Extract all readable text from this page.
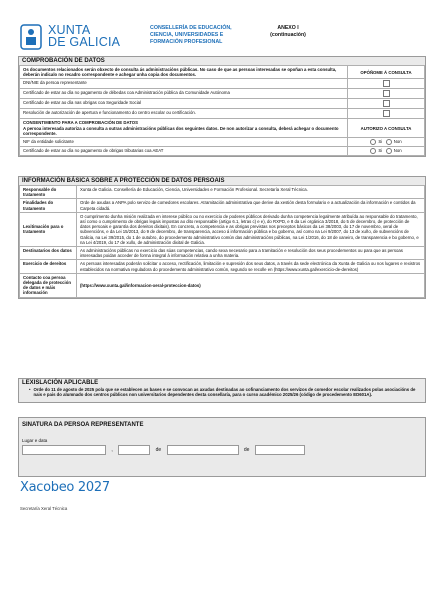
XUNTA
DE GALICIA
CONSELLERÍA DE EDUCACIÓN,
CIENCIA, UNIVERSIDADES E
FORMACIÓN PROFESIONAL
ANEXO I
(continuación)
COMPROBACIÓN DE DATOS
Os documentos relacionados serán obxecto de consulta ás administracións públicas. No caso de que as persoas interesadas se opoñan a esta consulta, deberán indicalo no recadro correspondente e achegar unha copia dos documentos.	OPÓÑOME Á CONSULTA
DNI/NIE da persoa representante	
Certificado de estar ao día no pagamento de débedas coa Administración pública da Comunidade Autónoma	
Certificado de estar ao día nas obrigas coa Seguridade Social	
Resolución de autorización de apertura e funcionamento do centro escolar ou certificación.	
CONSENTIMENTO PARA A COMPROBACIÓN DE DATOS
A persoa interesada autoriza a consulta a outras administracións públicas dos seguintes datos. De non autorizar a consulta, deberá achegar o documento correspondente.	AUTORIZO A CONSULTA
NIF da entidade solicitante	Si Non
Certificado de estar ao día no pagamento de obrigas tributarias coa AEAT	Si Non
INFORMACIÓN BÁSICA SOBRE A PROTECCIÓN DE DATOS PERSOAIS
Responsable do tratamento	Xunta de Galicia. Consellería de Educación, Ciencia, Universidades e Formación Profesional. Secretaría Xeral Técnica.
Finalidades do tratamento	Orde de axudas a ANPA polo servizo de comedores escolares. Atramitación administrativa que derive da xestión desta formulario e a actualización da información e contidos da Carpeta cidadá.
Lexitimación para o tratamento	O cumprimento dunha misión realizada en interese público ou no exercicio de poderes públicos derivado dunha competencia legalmente atribuída ao responsable do tratamento, así como o cumprimento de obrigas legais impostas ao dito responsable (artigo 6.1, letras c) e e), do RXPD, e 8 da Lei orgánica 3/2018, do 5 de decembro, de protección de datos persoais e garantía dos dereitos dixitais). En concreto, a competencia e as obrigas previstas nos preceptos básicos da Lei 38/2003, do 17 de novembro, xeral de subvencións, e da Lei 15/2013, do 9 de decembro, de transparencia, acceso á información pública e bo goberno, así como na Lei 9/2007, do 13 de xuño, de subvencións de Galicia, na Lei 39/2015, do 1 de outubro, do procedemento administrativo común das administracións públicas, na Lei 1/2016, do 18 de xaneiro, de transparencia e bo goberno, e na Lei 4/2019, do 17 de xullo, de administración dixital de Galicia.
Destinatarios dos datos	As administracións públicas no exercicio das súas competencias, cando sexa necesario para a tramitación e resolución dos seus procedementos ou para que as persoas interesadas poidan acceder de forma integral á información relativa a unha materia.
Exercicio de dereitos	As persoas interesadas poderán solicitar o acceso, rectificación, limitación e supresión dos seus datos, a través da sede electrónica da Xunta de Galicia ou nos lugares e rexistros establecidos na normativa reguladora do procedemento administrativo común, segundo se recolle en (https://www.xunta.gal/exercicio-de-dereitos)
Contacto coa persoa delegada de protección de datos e máis información	(https://www.xunta.gal/informacion-xeral-proteccion-datos)
LEXISLACIÓN APLICABLE
• Orde do 11 de agosto de 2025 pola que se establecen as bases e se convocan as axudas destinadas ao cofinanciamento dos servizos de comedor escolar realizados polas asociacións de nais e pais do alumnado dos centros públicos non universitarios dependentes desta consellaría, para o curso académico 2025/26 (código de procedemento ED601A).
SINATURA DA PERSOA REPRESENTANTE
Lugar e data
,	de	de
Xacobeo 2027
Secretaría Xeral Técnica
